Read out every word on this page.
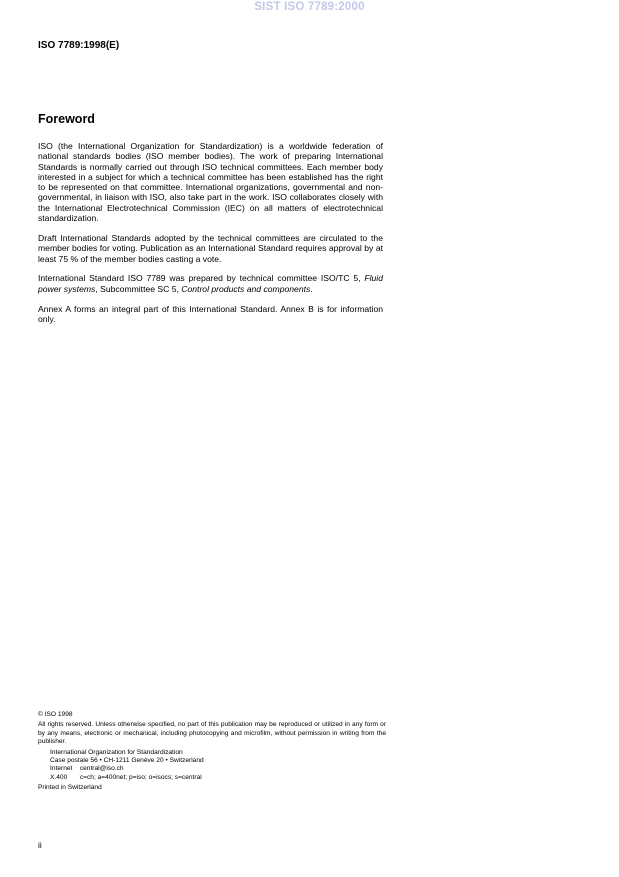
SIST ISO 7789:2000
ISO 7789:1998(E)
Foreword

ISO (the International Organization for Standardization) is a worldwide federation of national standards bodies (ISO member bodies). The work of preparing International Standards is normally carried out through ISO technical committees. Each member body interested in a subject for which a technical committee has been established has the right to be represented on that committee. International organizations, governmental and non-governmental, in liaison with ISO, also take part in the work. ISO collaborates closely with the International Electrotechnical Commission (IEC) on all matters of electrotechnical standardization.

Draft International Standards adopted by the technical committees are circulated to the member bodies for voting. Publication as an International Standard requires approval by at least 75 % of the member bodies casting a vote.

International Standard ISO 7789 was prepared by technical committee ISO/TC 5, Fluid power systems, Subcommittee SC 5, Control products and components.

Annex A forms an integral part of this International Standard. Annex B is for information only.

© ISO 1998
All rights reserved. Unless otherwise specified, no part of this publication may be reproduced or utilized in any form or by any means, electronic or mechanical, including photocopying and microfilm, without permission in writing from the publisher.
International Organization for Standardization
Case postale 56 • CH-1211 Genève 20 • Switzerland
Internet central@iso.ch
X.400 c=ch; a=400net; p=iso; o=isocs; s=central
Printed in Switzerland
ii
